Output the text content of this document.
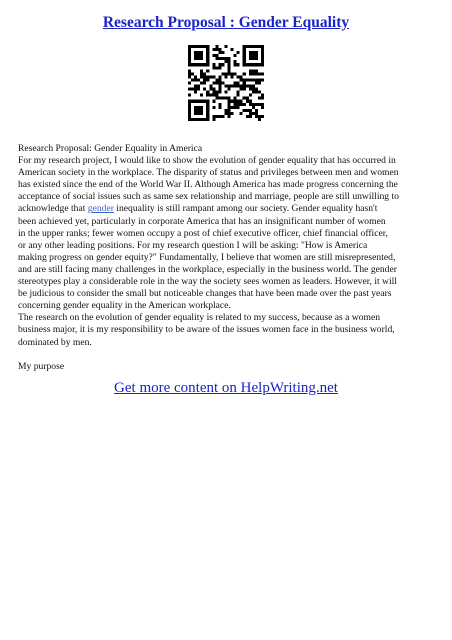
Research Proposal : Gender Equality

Research Proposal: Gender Equality in America
For my research project, I would like to show the evolution of gender equality that has occurred in
American society in the workplace. The disparity of status and privileges between men and women
has existed since the end of the World War II. Although America has made progress concerning the
acceptance of social issues such as same sex relationship and marriage, people are still unwilling to
acknowledge that gender inequality is still rampant among our society. Gender equality hasn't
been achieved yet, particularly in corporate America that has an insignificant number of women
in the upper ranks; fewer women occupy a post of chief executive officer, chief financial officer,
or any other leading positions. For my research question I will be asking: "How is America
making progress on gender equity?" Fundamentally, I believe that women are still misrepresented,
and are still facing many challenges in the workplace, especially in the business world. The gender
stereotypes play a considerable role in the way the society sees women as leaders. However, it will
be judicious to consider the small but noticeable changes that have been made over the past years
concerning gender equality in the American workplace.

The research on the evolution of gender equality is related to my success, because as a women
business major, it is my responsibility to be aware of the issues women face in the business world,
dominated by men.

My purpose

Get more content on HelpWriting.net
